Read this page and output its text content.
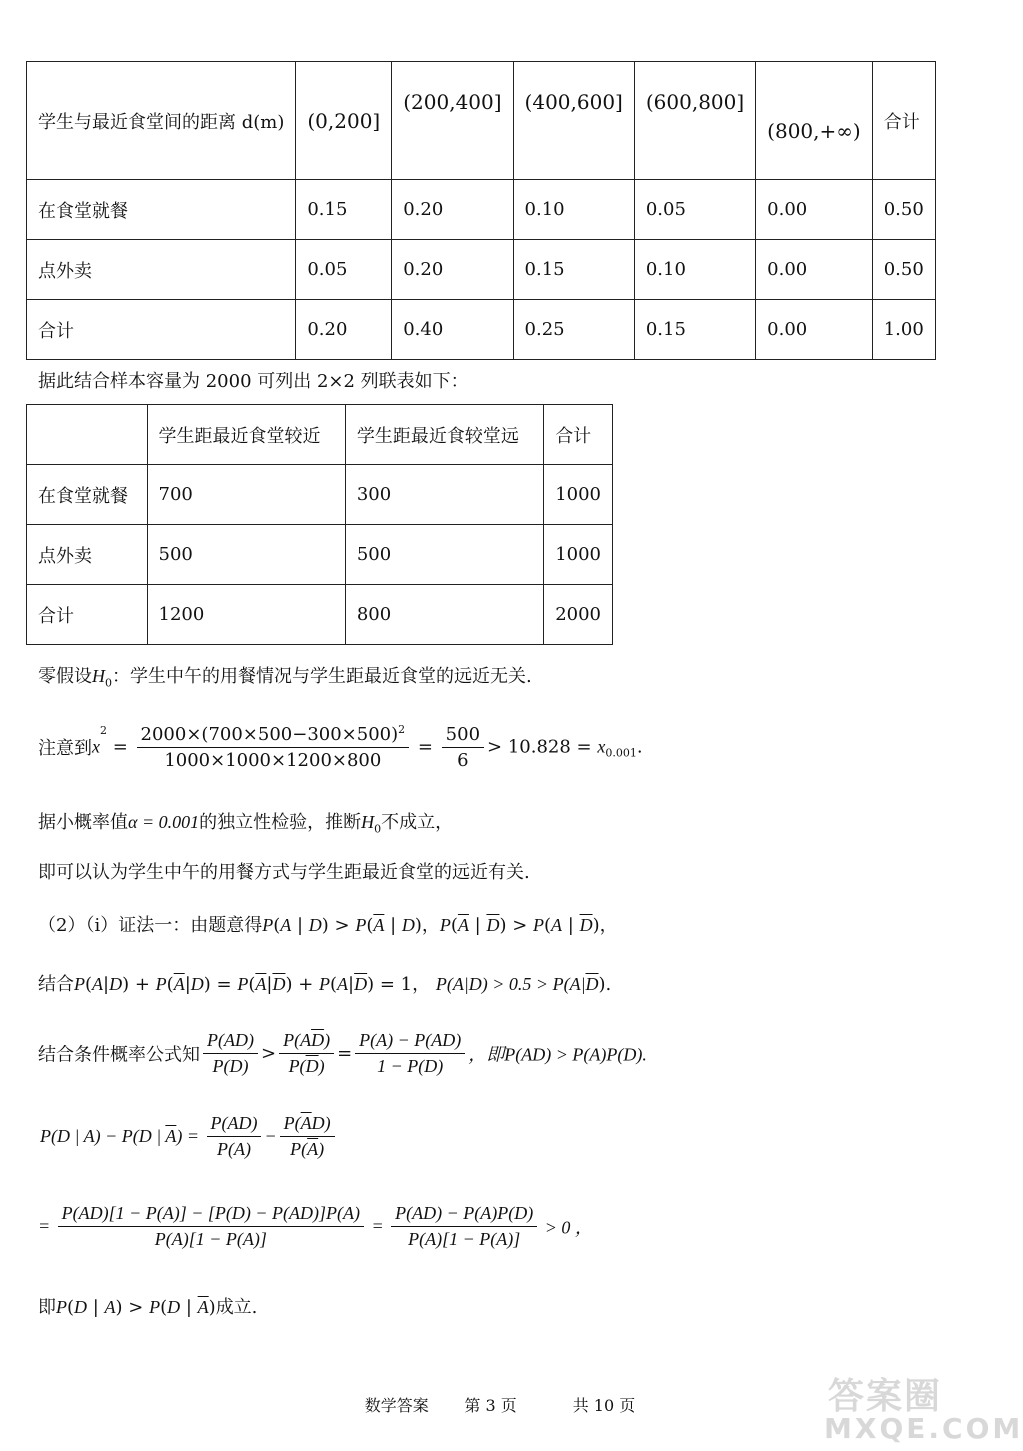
学生与最近食堂间的距离 d(m)	(0,200]	(200,400]	(400,600]	(600,800]	(800,+∞)	合计
在食堂就餐	0.15	0.20	0.10	0.05	0.00	0.50
点外卖	0.05	0.20	0.15	0.10	0.00	0.50
合计	0.20	0.40	0.25	0.15	0.00	1.00
据此结合样本容量为 2000 可列出 2×2 列联表如下：
	学生距最近食堂较近	学生距最近食较堂远	合计
在食堂就餐	700	300	1000
点外卖	500	500	1000
合计	1200	800	2000
零假设$H_0$：学生中午的用餐情况与学生距最近食堂的远近无关.
注意到$x^2 = \frac{2000\times(700\times 500-300\times 500)^2}{1000\times 1000\times 1200\times 800} = \frac{500}{6} > 10.828 = x_{0.001}$.
据小概率值α = 0.001的独立性检验，推断$H_0$不成立，
即可以认为学生中午的用餐方式与学生距最近食堂的远近有关.
（2）（i）证法一：由题意得P(A | $D) > P(\overline{A}$ | D)，$P(\overline{A}$ | $\overline{D}) > P(A$ | $\overline{D}$)，
结合$P(A|D) + P(\overline{A}|D) = P(\overline{A}|\overline{D}) + P(A|\overline{D}) = 1$， $P(A|D) > 0.5 > P(A|\overline{D})$.
结合条件概率公式知 $\frac{P(AD)}{P(D)} > \frac{P(A\overline{D})}{P(\overline{D})} = \frac{P(A) - P(AD)}{1 - P(D)}$ ，即P(AD) > P(A)P(D).
P(D | A) − P(D | $\overline{A}) = \frac{P(AD)}{P(A)} - \frac{P(\overline{A}D)}{P(\overline{A})}$
= $\frac{P(AD)[1 - P(A)] - [P(D) - P(AD)]P(A)}{P(A)[1 - P(A)]} = \frac{P(AD) - P(A)P(D)}{P(A)[1 - P(A)]} > 0$ ，
即P(D | A) > P(D | $\overline{A}$)成立.
数学答案 第 3 页	共 10 页	答案圈
MXQE.COM
